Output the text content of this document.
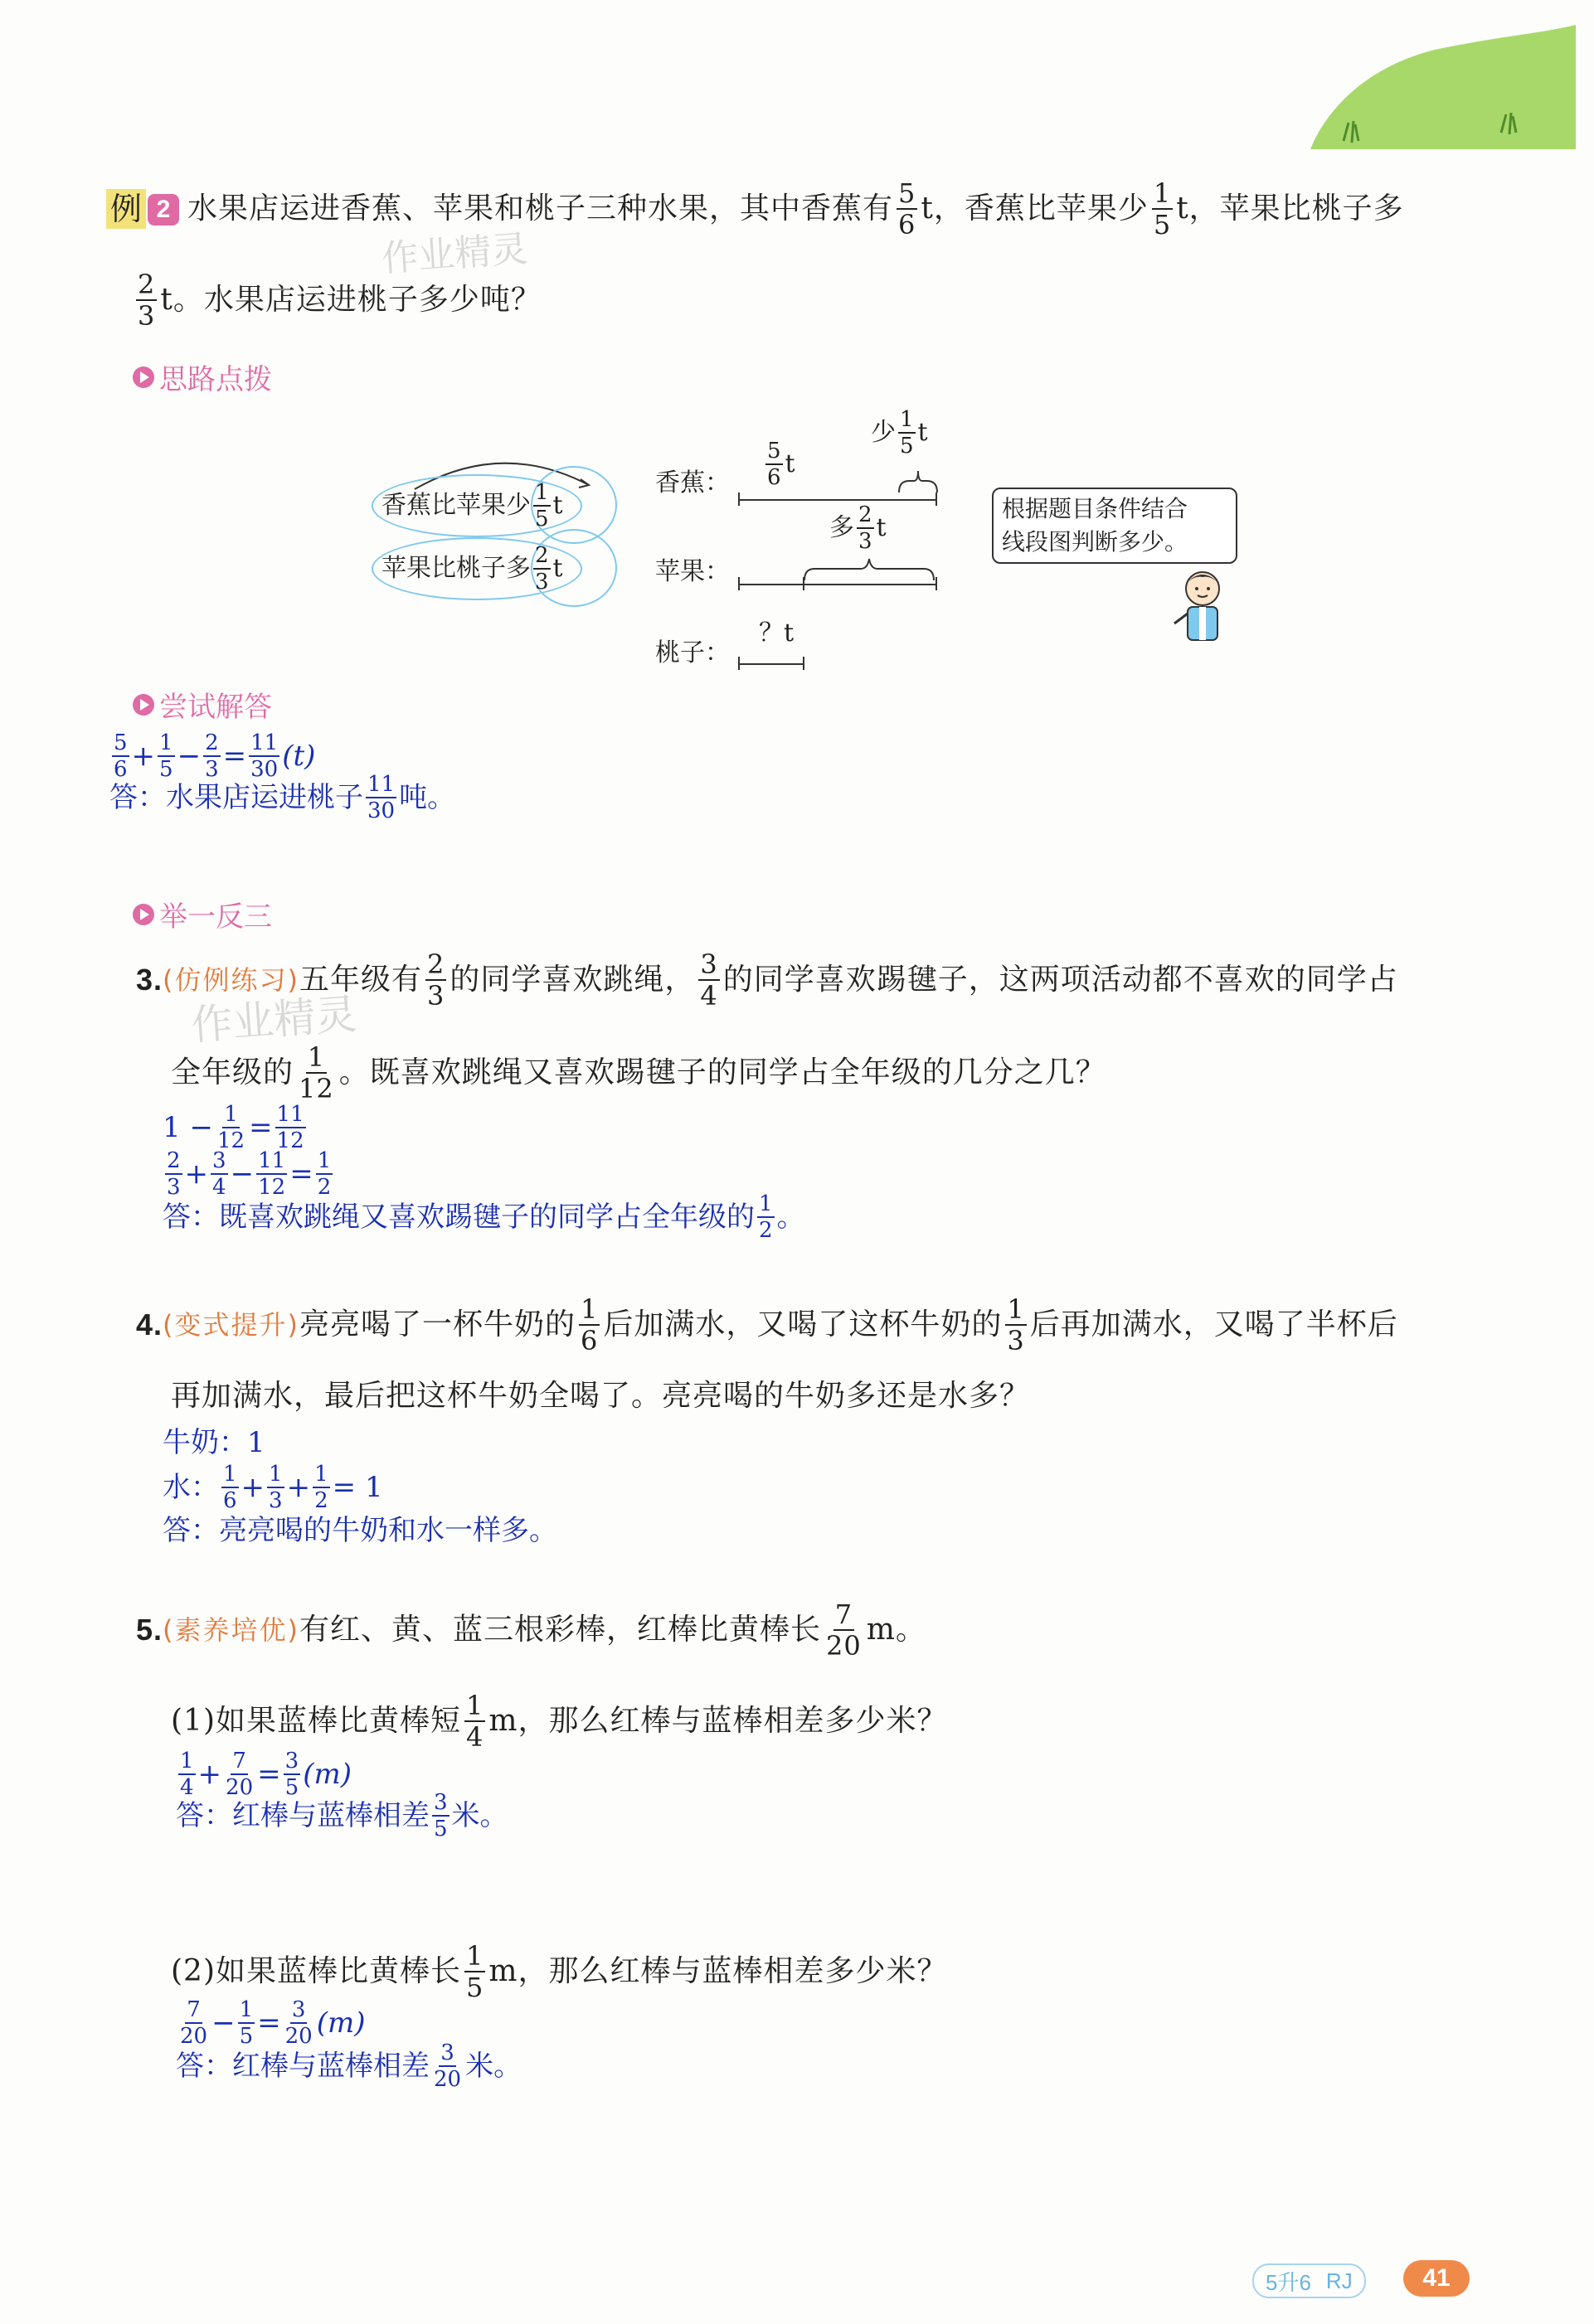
例 2 水果店运进香蕉、苹果和桃子三种水果，其中香蕉有 $\frac{5}{6}$ t，香蕉比苹果少 $\frac{1}{5}$ t，苹果比桃子多
作业精灵
$\frac{2}{3}$ t。水果店运进桃子多少吨？
思路点拨
香蕉比苹果少 $\frac{1}{5}$ t
苹果比桃子多 $\frac{2}{3}$ t
香蕉： $\frac{5}{6}$ t
少 $\frac{1}{5}$ t
多 $\frac{2}{3}$ t
苹果：
桃子：
？t
根据题目条件结合
线段图判断多少。
尝试解答
$\frac{5}{6} + \frac{1}{5} - \frac{2}{3} = \frac{11}{30} (t)$
答：水果店运进桃子 $\frac{11}{30}$ 吨。
举一反三
3. (仿例练习) 五年级有 $\frac{2}{3}$ 的同学喜欢跳绳， $\frac{3}{4}$ 的同学喜欢踢毽子，这两项活动都不喜欢的同学占
作业精灵
全年级的 $\frac{1}{12}$ 。既喜欢跳绳又喜欢踢毽子的同学占全年级的几分之几？
$1 - \frac{1}{12} = \frac{11}{12}$
$\frac{2}{3} + \frac{3}{4} - \frac{11}{12} = \frac{1}{2}$
答：既喜欢跳绳又喜欢踢毽子的同学占全年级的 $\frac{1}{2}$ 。
4. (变式提升) 亮亮喝了一杯牛奶的 $\frac{1}{6}$ 后加满水，又喝了这杯牛奶的 $\frac{1}{3}$ 后再加满水，又喝了半杯后
再加满水，最后把这杯牛奶全喝了。亮亮喝的牛奶多还是水多？
牛奶：1
水： $\frac{1}{6} + \frac{1}{3} + \frac{1}{2} = 1$
答：亮亮喝的牛奶和水一样多。
5. (素养培优) 有红、黄、蓝三根彩棒，红棒比黄棒长 $\frac{7}{20}$ m。
(1)如果蓝棒比黄棒短 $\frac{1}{4}$ m，那么红棒与蓝棒相差多少米？
$\frac{1}{4} + \frac{7}{20} = \frac{3}{5} (m)$
答：红棒与蓝棒相差 $\frac{3}{5}$ 米。
(2)如果蓝棒比黄棒长 $\frac{1}{5}$ m，那么红棒与蓝棒相差多少米？
$\frac{7}{20} - \frac{1}{5} = \frac{3}{20} (m)$
答：红棒与蓝棒相差 $\frac{3}{20}$ 米。
5升6 RJ	41
